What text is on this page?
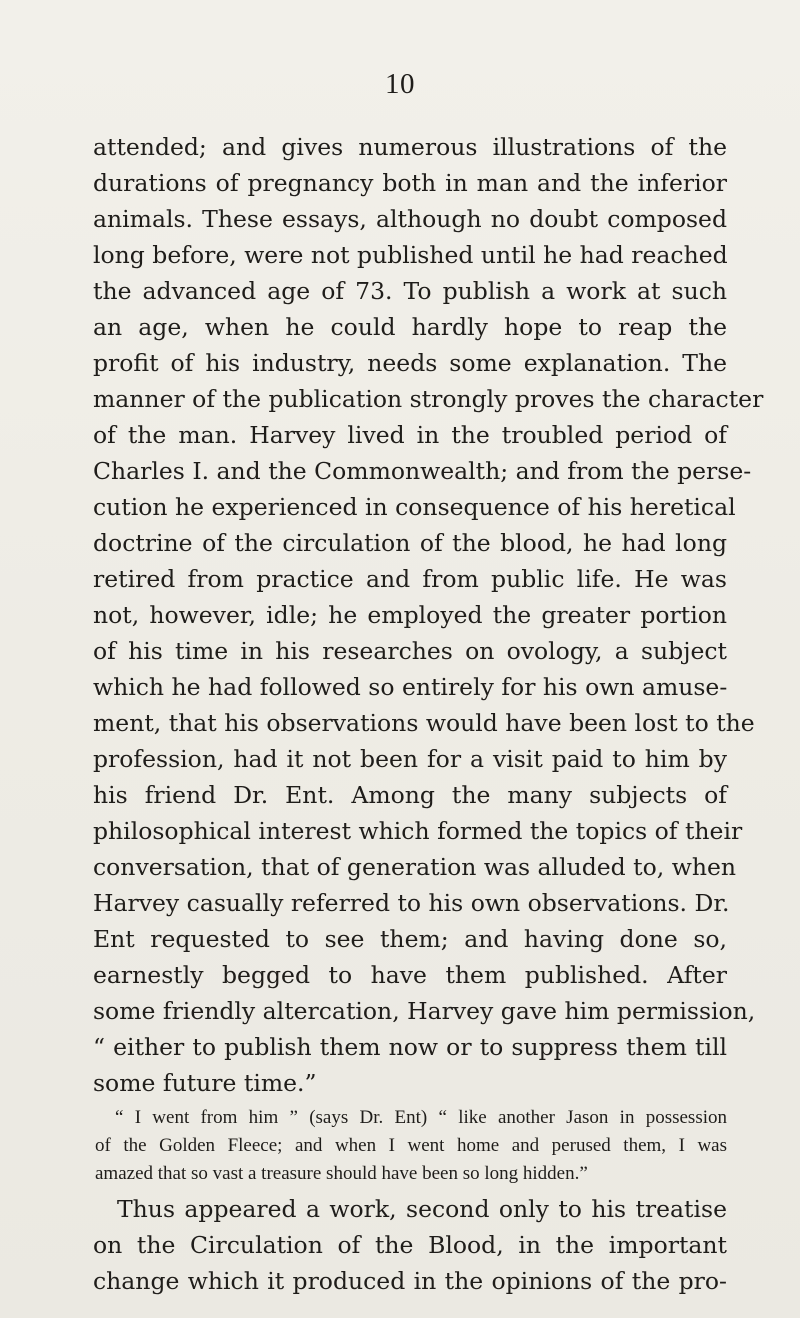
10
attended; and gives numerous illustrations of the
durations of pregnancy both in man and the inferior
animals. These essays, although no doubt composed
long before, were not published until he had reached
the advanced age of 73. To publish a work at such
an age, when he could hardly hope to reap the
profit of his industry, needs some explanation. The
manner of the publication strongly proves the character
of the man. Harvey lived in the troubled period of
Charles I. and the Commonwealth; and from the perse-
cution he experienced in consequence of his heretical
doctrine of the circulation of the blood, he had long
retired from practice and from public life. He was
not, however, idle; he employed the greater portion
of his time in his researches on ovology, a subject
which he had followed so entirely for his own amuse-
ment, that his observations would have been lost to the
profession, had it not been for a visit paid to him by
his friend Dr. Ent. Among the many subjects of
philosophical interest which formed the topics of their
conversation, that of generation was alluded to, when
Harvey casually referred to his own observations. Dr.
Ent requested to see them; and having done so,
earnestly begged to have them published. After
some friendly altercation, Harvey gave him permission,
“ either to publish them now or to suppress them till
some future time.”
“ I went from him ” (says Dr. Ent) “ like another Jason in possession
of the Golden Fleece; and when I went home and perused them, I was
amazed that so vast a treasure should have been so long hidden.”
Thus appeared a work, second only to his treatise
on the Circulation of the Blood, in the important
change which it produced in the opinions of the pro-
